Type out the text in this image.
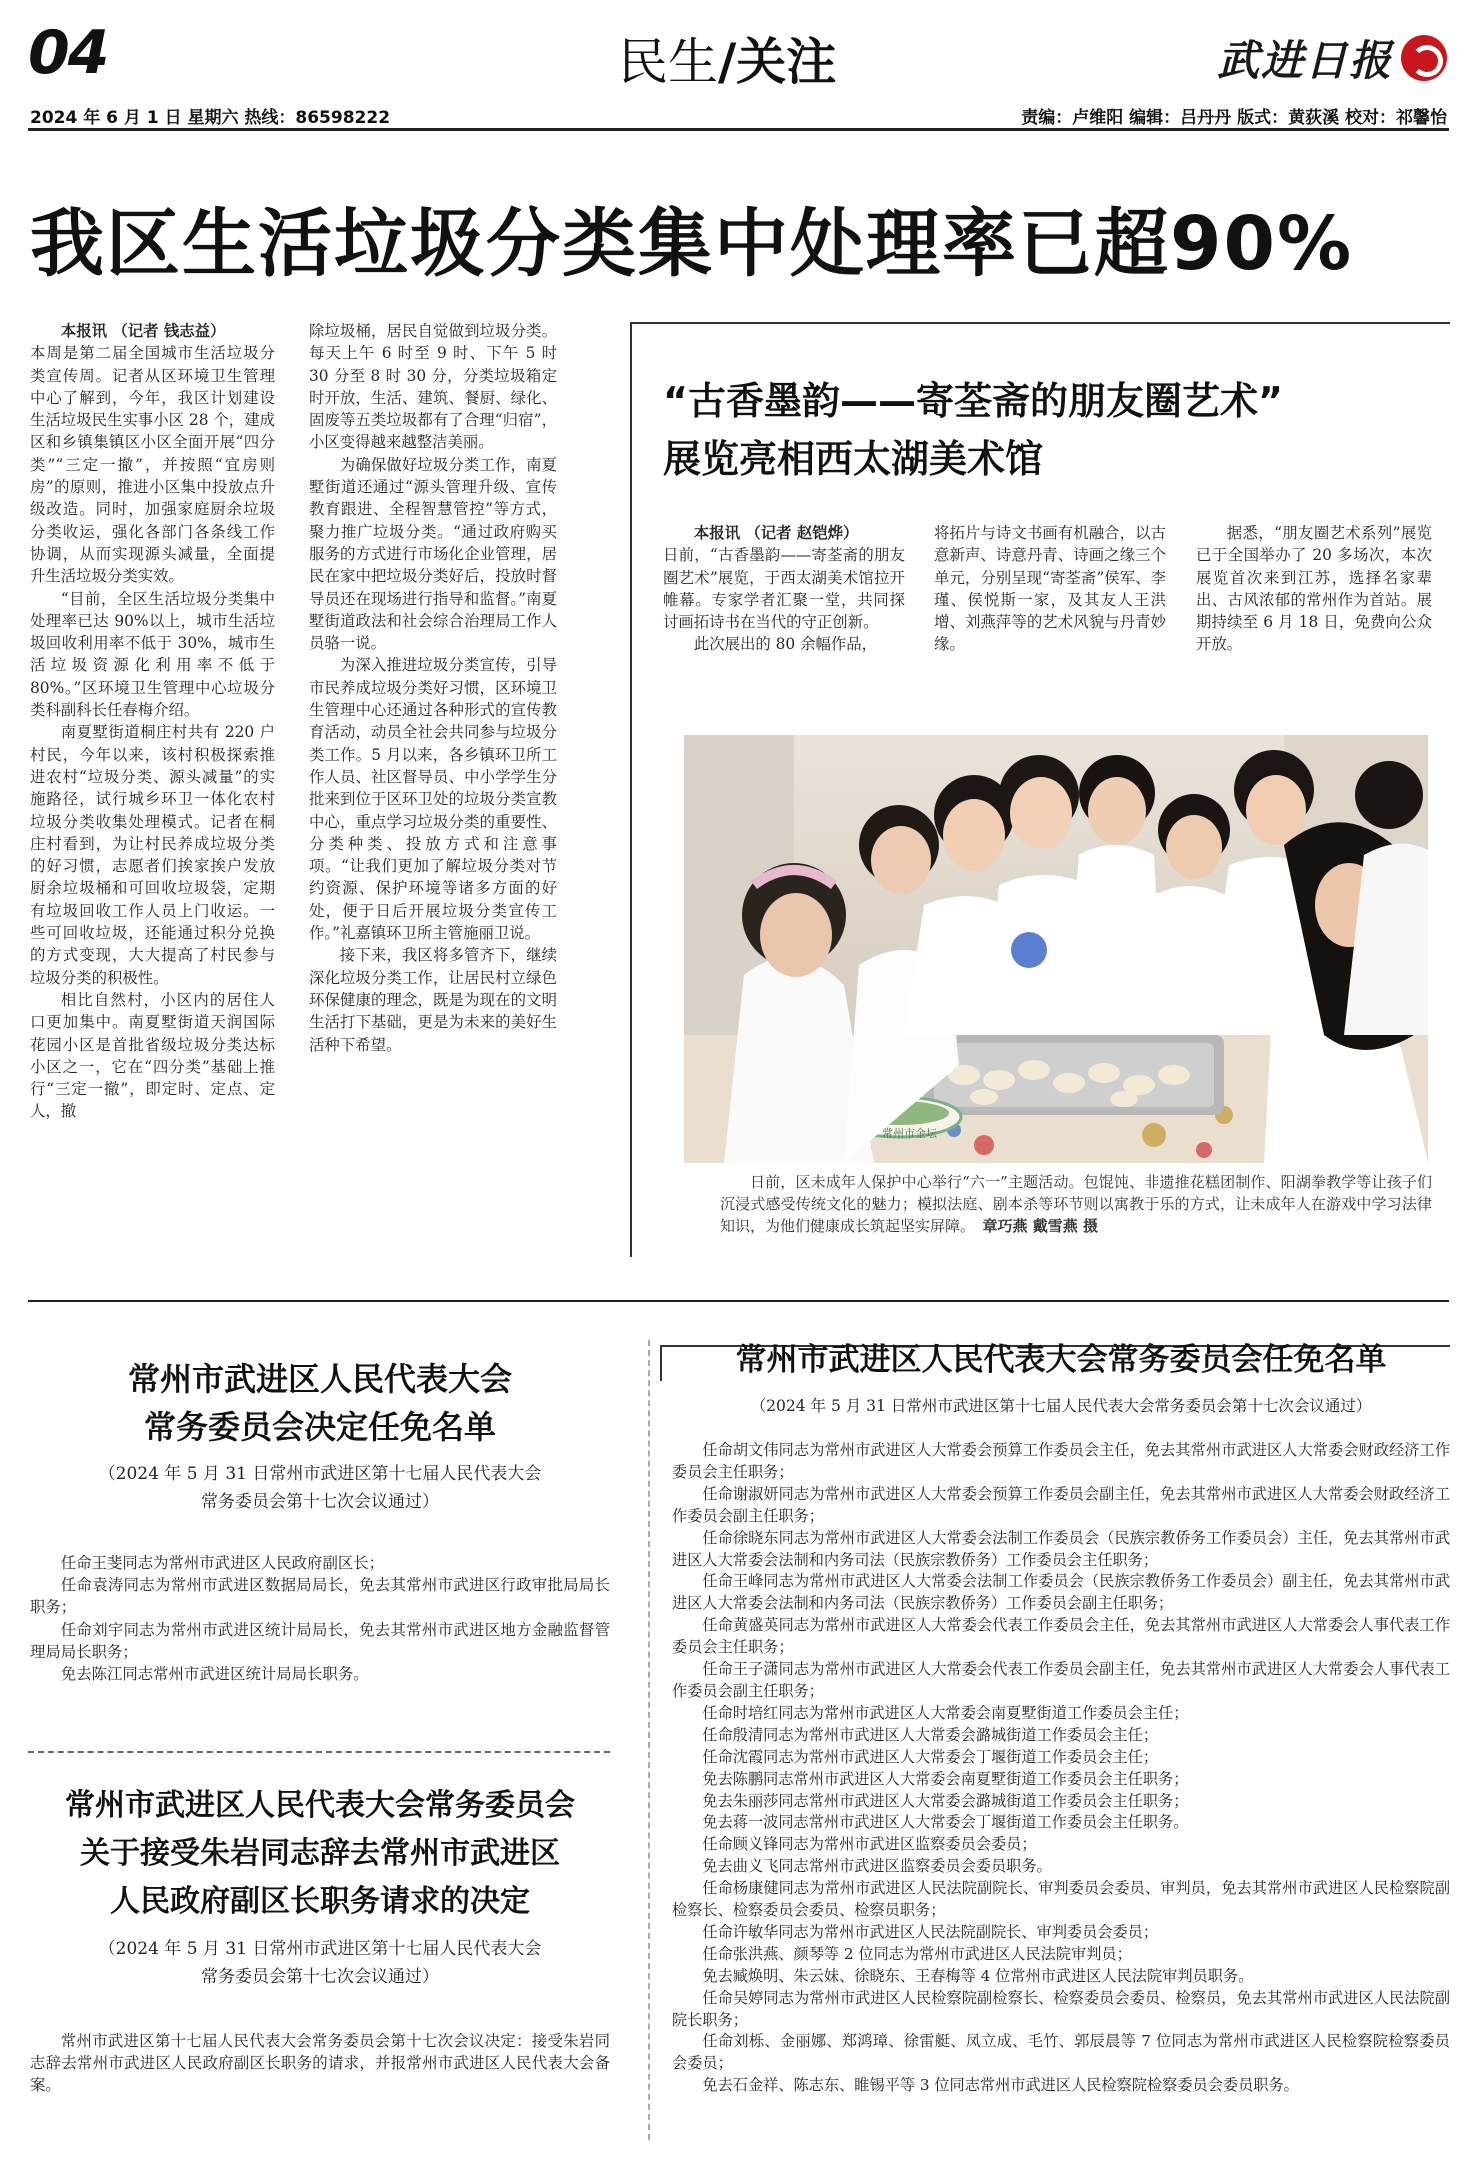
04	民生/关注	武进日报
2024 年 6 月 1 日 星期六 热线：86598222	责编：卢维阳 编辑：吕丹丹 版式：黄荻溪 校对：祁馨怡
我区生活垃圾分类集中处理率已超90%

本报讯 （记者 钱志益）

本周是第二届全国城市生活垃圾分类宣传周。记者从区环境卫生管理中心了解到，今年，我区计划建设生活垃圾民生实事小区 28 个，建成区和乡镇集镇区小区全面开展“四分类”“三定一撤”，并按照“宜房则房”的原则，推进小区集中投放点升级改造。同时，加强家庭厨余垃圾分类收运，强化各部门各条线工作协调，从而实现源头减量，全面提升生活垃圾分类实效。

“目前，全区生活垃圾分类集中处理率已达 90%以上，城市生活垃圾回收利用率不低于 30%，城市生活垃圾资源化利用率不低于 80%。”区环境卫生管理中心垃圾分类科副科长任春梅介绍。

南夏墅街道桐庄村共有 220 户村民，今年以来，该村积极探索推进农村“垃圾分类、源头减量”的实施路径，试行城乡环卫一体化农村垃圾分类收集处理模式。记者在桐庄村看到，为让村民养成垃圾分类的好习惯，志愿者们挨家挨户发放厨余垃圾桶和可回收垃圾袋，定期有垃圾回收工作人员上门收运。一些可回收垃圾，还能通过积分兑换的方式变现，大大提高了村民参与垃圾分类的积极性。

相比自然村，小区内的居住人口更加集中。南夏墅街道天润国际花园小区是首批省级垃圾分类达标小区之一，它在“四分类”基础上推行“三定一撤”，即定时、定点、定人，撤

除垃圾桶，居民自觉做到垃圾分类。每天上午 6 时至 9 时、下午 5 时 30 分至 8 时 30 分，分类垃圾箱定时开放，生活、建筑、餐厨、绿化、固废等五类垃圾都有了合理“归宿”，小区变得越来越整洁美丽。

为确保做好垃圾分类工作，南夏墅街道还通过“源头管理升级、宣传教育跟进、全程智慧管控”等方式，聚力推广垃圾分类。“通过政府购买服务的方式进行市场化企业管理，居民在家中把垃圾分类好后，投放时督导员还在现场进行指导和监督。”南夏墅街道政法和社会综合治理局工作人员骆一说。

为深入推进垃圾分类宣传，引导市民养成垃圾分类好习惯，区环境卫生管理中心还通过各种形式的宣传教育活动，动员全社会共同参与垃圾分类工作。5 月以来，各乡镇环卫所工作人员、社区督导员、中小学学生分批来到位于区环卫处的垃圾分类宣教中心，重点学习垃圾分类的重要性、分类种类、投放方式和注意事项。“让我们更加了解垃圾分类对节约资源、保护环境等诸多方面的好处，便于日后开展垃圾分类宣传工作。”礼嘉镇环卫所主管施丽卫说。

接下来，我区将多管齐下，继续深化垃圾分类工作，让居民村立绿色环保健康的理念，既是为现在的文明生活打下基础，更是为未来的美好生活种下希望。

“古香墨韵——寄荃斋的朋友圈艺术”
展览亮相西太湖美术馆

本报讯 （记者 赵铠烨）

日前，“古香墨韵——寄荃斋的朋友圈艺术”展览，于西太湖美术馆拉开帷幕。专家学者汇聚一堂，共同探讨画拓诗书在当代的守正创新。

此次展出的 80 余幅作品，

将拓片与诗文书画有机融合，以古意新声、诗意丹青、诗画之缘三个单元，分别呈现“寄荃斋”侯军、李瑾、侯悦斯一家，及其友人王洪增、刘燕萍等的艺术风貌与丹青妙缘。

据悉，“朋友圈艺术系列”展览已于全国举办了 20 多场次，本次展览首次来到江苏，选择名家辈出、古风浓郁的常州作为首站。展期持续至 6 月 18 日，免费向公众开放。

常州市金坛
日前，区未成年人保护中心举行“六一”主题活动。包馄饨、非遗推花糕团制作、阳湖拳教学等让孩子们沉浸式感受传统文化的魅力；模拟法庭、剧本杀等环节则以寓教于乐的方式，让未成年人在游戏中学习法律知识，为他们健康成长筑起坚实屏障。　 章巧燕 戴雪燕 摄
常州市武进区人民代表大会
常务委员会决定任免名单
（2024 年 5 月 31 日常州市武进区第十七届人民代表大会
常务委员会第十七次会议通过）

任命王斐同志为常州市武进区人民政府副区长；

任命袁涛同志为常州市武进区数据局局长，免去其常州市武进区行政审批局局长职务；

任命刘宇同志为常州市武进区统计局局长，免去其常州市武进区地方金融监督管理局局长职务；

免去陈江同志常州市武进区统计局局长职务。

常州市武进区人民代表大会常务委员会
关于接受朱岩同志辞去常州市武进区
人民政府副区长职务请求的决定
（2024 年 5 月 31 日常州市武进区第十七届人民代表大会
常务委员会第十七次会议通过）

常州市武进区第十七届人民代表大会常务委员会第十七次会议决定：接受朱岩同志辞去常州市武进区人民政府副区长职务的请求，并报常州市武进区人民代表大会备案。

常州市武进区人民代表大会常务委员会任免名单
（2024 年 5 月 31 日常州市武进区第十七届人民代表大会常务委员会第十七次会议通过）

任命胡文伟同志为常州市武进区人大常委会预算工作委员会主任，免去其常州市武进区人大常委会财政经济工作委员会主任职务；

任命谢淑妍同志为常州市武进区人大常委会预算工作委员会副主任，免去其常州市武进区人大常委会财政经济工作委员会副主任职务；

任命徐晓东同志为常州市武进区人大常委会法制工作委员会（民族宗教侨务工作委员会）主任，免去其常州市武进区人大常委会法制和内务司法（民族宗教侨务）工作委员会主任职务；

任命王峰同志为常州市武进区人大常委会法制工作委员会（民族宗教侨务工作委员会）副主任，免去其常州市武进区人大常委会法制和内务司法（民族宗教侨务）工作委员会副主任职务；

任命黄盛英同志为常州市武进区人大常委会代表工作委员会主任，免去其常州市武进区人大常委会人事代表工作委员会主任职务；

任命王子潇同志为常州市武进区人大常委会代表工作委员会副主任，免去其常州市武进区人大常委会人事代表工作委员会副主任职务；

任命时培红同志为常州市武进区人大常委会南夏墅街道工作委员会主任；

任命殷清同志为常州市武进区人大常委会潞城街道工作委员会主任；

任命沈霞同志为常州市武进区人大常委会丁堰街道工作委员会主任；

免去陈鹏同志常州市武进区人大常委会南夏墅街道工作委员会主任职务；

免去朱丽莎同志常州市武进区人大常委会潞城街道工作委员会主任职务；

免去蒋一波同志常州市武进区人大常委会丁堰街道工作委员会主任职务。

任命顾义锋同志为常州市武进区监察委员会委员；

免去曲义飞同志常州市武进区监察委员会委员职务。

任命杨康健同志为常州市武进区人民法院副院长、审判委员会委员、审判员，免去其常州市武进区人民检察院副检察长、检察委员会委员、检察员职务；

任命许敏华同志为常州市武进区人民法院副院长、审判委员会委员；

任命张洪燕、颜琴等 2 位同志为常州市武进区人民法院审判员；

免去臧焕明、朱云妹、徐晓东、王春梅等 4 位常州市武进区人民法院审判员职务。

任命吴婷同志为常州市武进区人民检察院副检察长、检察委员会委员、检察员，免去其常州市武进区人民法院副院长职务；

任命刘栎、金丽娜、郑鸿璋、徐雷艇、凤立成、毛竹、郭辰晨等 7 位同志为常州市武进区人民检察院检察委员会委员；

免去石金祥、陈志东、睢锡平等 3 位同志常州市武进区人民检察院检察委员会委员职务。
